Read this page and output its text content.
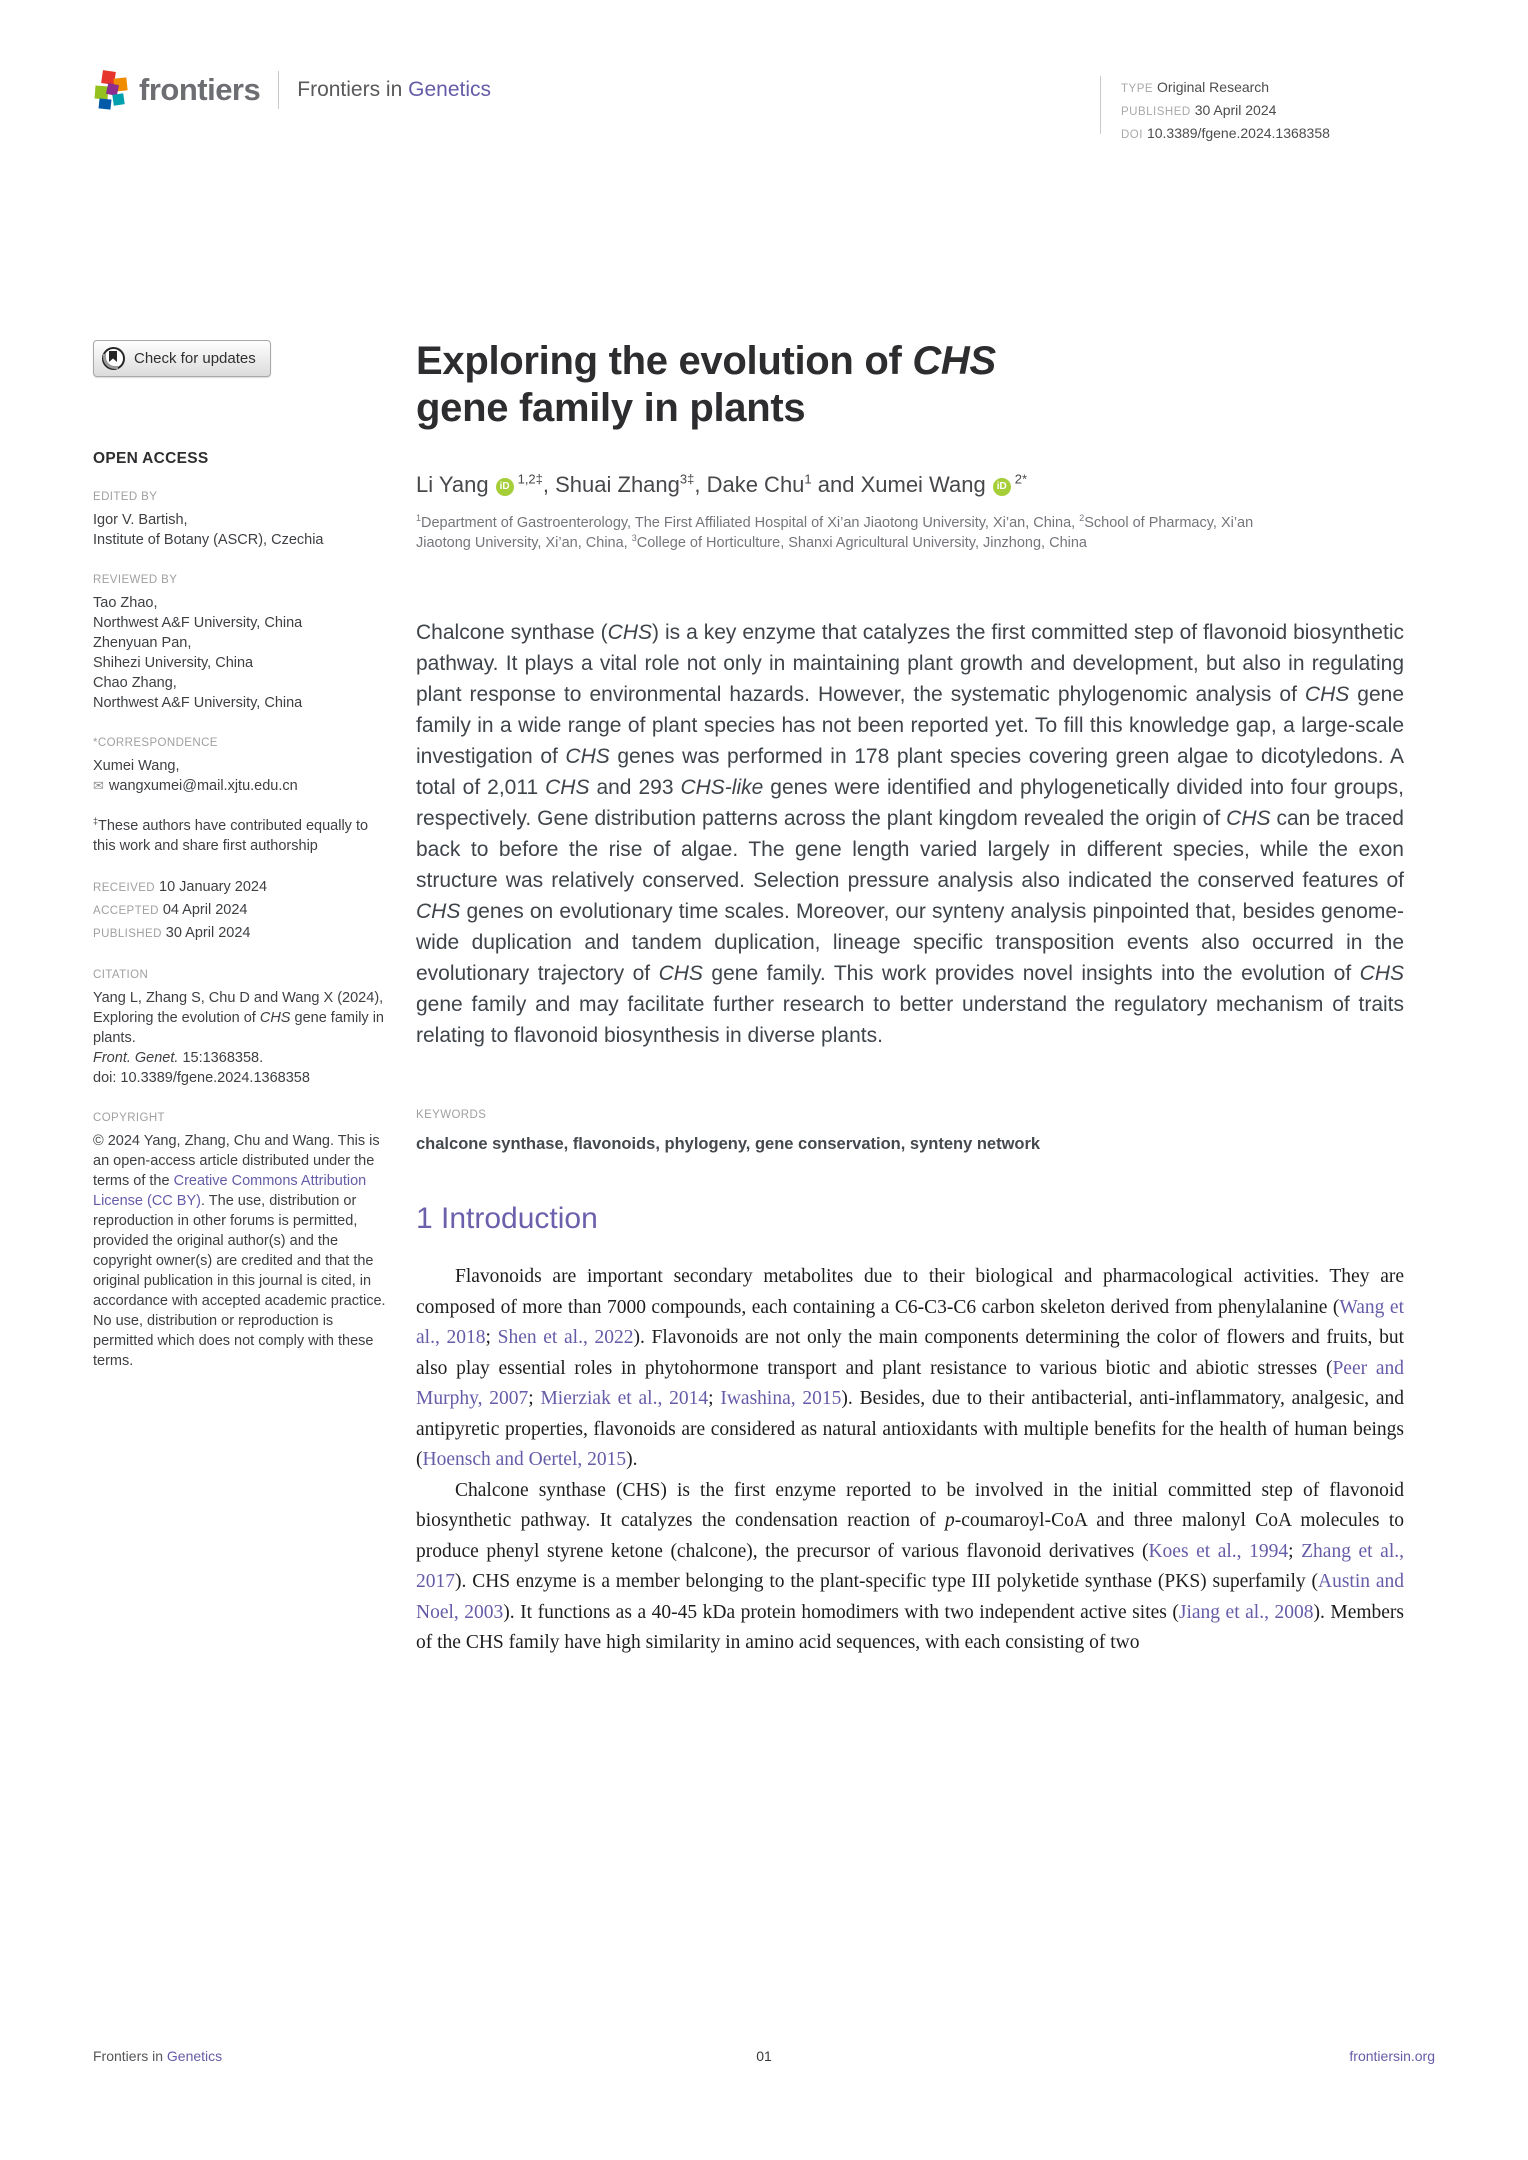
frontiers Frontiers in Genetics	TYPE Original Research
PUBLISHED 30 April 2024
DOI 10.3389/fgene.2024.1368358
Check for updates
OPEN ACCESS
EDITED BY
Igor V. Bartish,
Institute of Botany (ASCR), Czechia
REVIEWED BY
Tao Zhao,
Northwest A&F University, China
Zhenyuan Pan,
Shihezi University, China
Chao Zhang,
Northwest A&F University, China
*CORRESPONDENCE
Xumei Wang,
✉ wangxumei@mail.xjtu.edu.cn
‡These authors have contributed equally to this work and share first authorship
RECEIVED 10 January 2024
ACCEPTED 04 April 2024
PUBLISHED 30 April 2024
CITATION
Yang L, Zhang S, Chu D and Wang X (2024), Exploring the evolution of CHS gene family in plants.
Front. Genet. 15:1368358.
doi: 10.3389/fgene.2024.1368358
COPYRIGHT
© 2024 Yang, Zhang, Chu and Wang. This is an open-access article distributed under the terms of the Creative Commons Attribution License (CC BY). The use, distribution or reproduction in other forums is permitted, provided the original author(s) and the copyright owner(s) are credited and that the original publication in this journal is cited, in accordance with accepted academic practice. No use, distribution or reproduction is permitted which does not comply with these terms.
Exploring the evolution of CHS gene family in plants
Li Yang iD $^{1,2\ddagger}$, Shuai Zhang$^{3\ddagger}$, Dake Chu$^1$ and Xumei Wang iD $^{2*}$
$^1$Department of Gastroenterology, The First Affiliated Hospital of Xi’an Jiaotong University, Xi’an, China, $^2$School of Pharmacy, Xi’an Jiaotong University, Xi’an, China, $^3$College of Horticulture, Shanxi Agricultural University, Jinzhong, China
Chalcone synthase (CHS) is a key enzyme that catalyzes the first committed step of flavonoid biosynthetic pathway. It plays a vital role not only in maintaining plant growth and development, but also in regulating plant response to environmental hazards. However, the systematic phylogenomic analysis of CHS gene family in a wide range of plant species has not been reported yet. To fill this knowledge gap, a large-scale investigation of CHS genes was performed in 178 plant species covering green algae to dicotyledons. A total of 2,011 CHS and 293 CHS-like genes were identified and phylogenetically divided into four groups, respectively. Gene distribution patterns across the plant kingdom revealed the origin of CHS can be traced back to before the rise of algae. The gene length varied largely in different species, while the exon structure was relatively conserved. Selection pressure analysis also indicated the conserved features of CHS genes on evolutionary time scales. Moreover, our synteny analysis pinpointed that, besides genome-wide duplication and tandem duplication, lineage specific transposition events also occurred in the evolutionary trajectory of CHS gene family. This work provides novel insights into the evolution of CHS gene family and may facilitate further research to better understand the regulatory mechanism of traits relating to flavonoid biosynthesis in diverse plants.
KEYWORDS
chalcone synthase, flavonoids, phylogeny, gene conservation, synteny network
1 Introduction

Flavonoids are important secondary metabolites due to their biological and pharmacological activities. They are composed of more than 7000 compounds, each containing a C6-C3-C6 carbon skeleton derived from phenylalanine (Wang et al., 2018; Shen et al., 2022). Flavonoids are not only the main components determining the color of flowers and fruits, but also play essential roles in phytohormone transport and plant resistance to various biotic and abiotic stresses (Peer and Murphy, 2007; Mierziak et al., 2014; Iwashina, 2015). Besides, due to their antibacterial, anti-inflammatory, analgesic, and antipyretic properties, flavonoids are considered as natural antioxidants with multiple benefits for the health of human beings (Hoensch and Oertel, 2015).

Chalcone synthase (CHS) is the first enzyme reported to be involved in the initial committed step of flavonoid biosynthetic pathway. It catalyzes the condensation reaction of p-coumaroyl-CoA and three malonyl CoA molecules to produce phenyl styrene ketone (chalcone), the precursor of various flavonoid derivatives (Koes et al., 1994; Zhang et al., 2017). CHS enzyme is a member belonging to the plant-specific type III polyketide synthase (PKS) superfamily (Austin and Noel, 2003). It functions as a 40-45 kDa protein homodimers with two independent active sites (Jiang et al., 2008). Members of the CHS family have high similarity in amino acid sequences, with each consisting of two

Frontiers in Genetics	01	frontiersin.org
